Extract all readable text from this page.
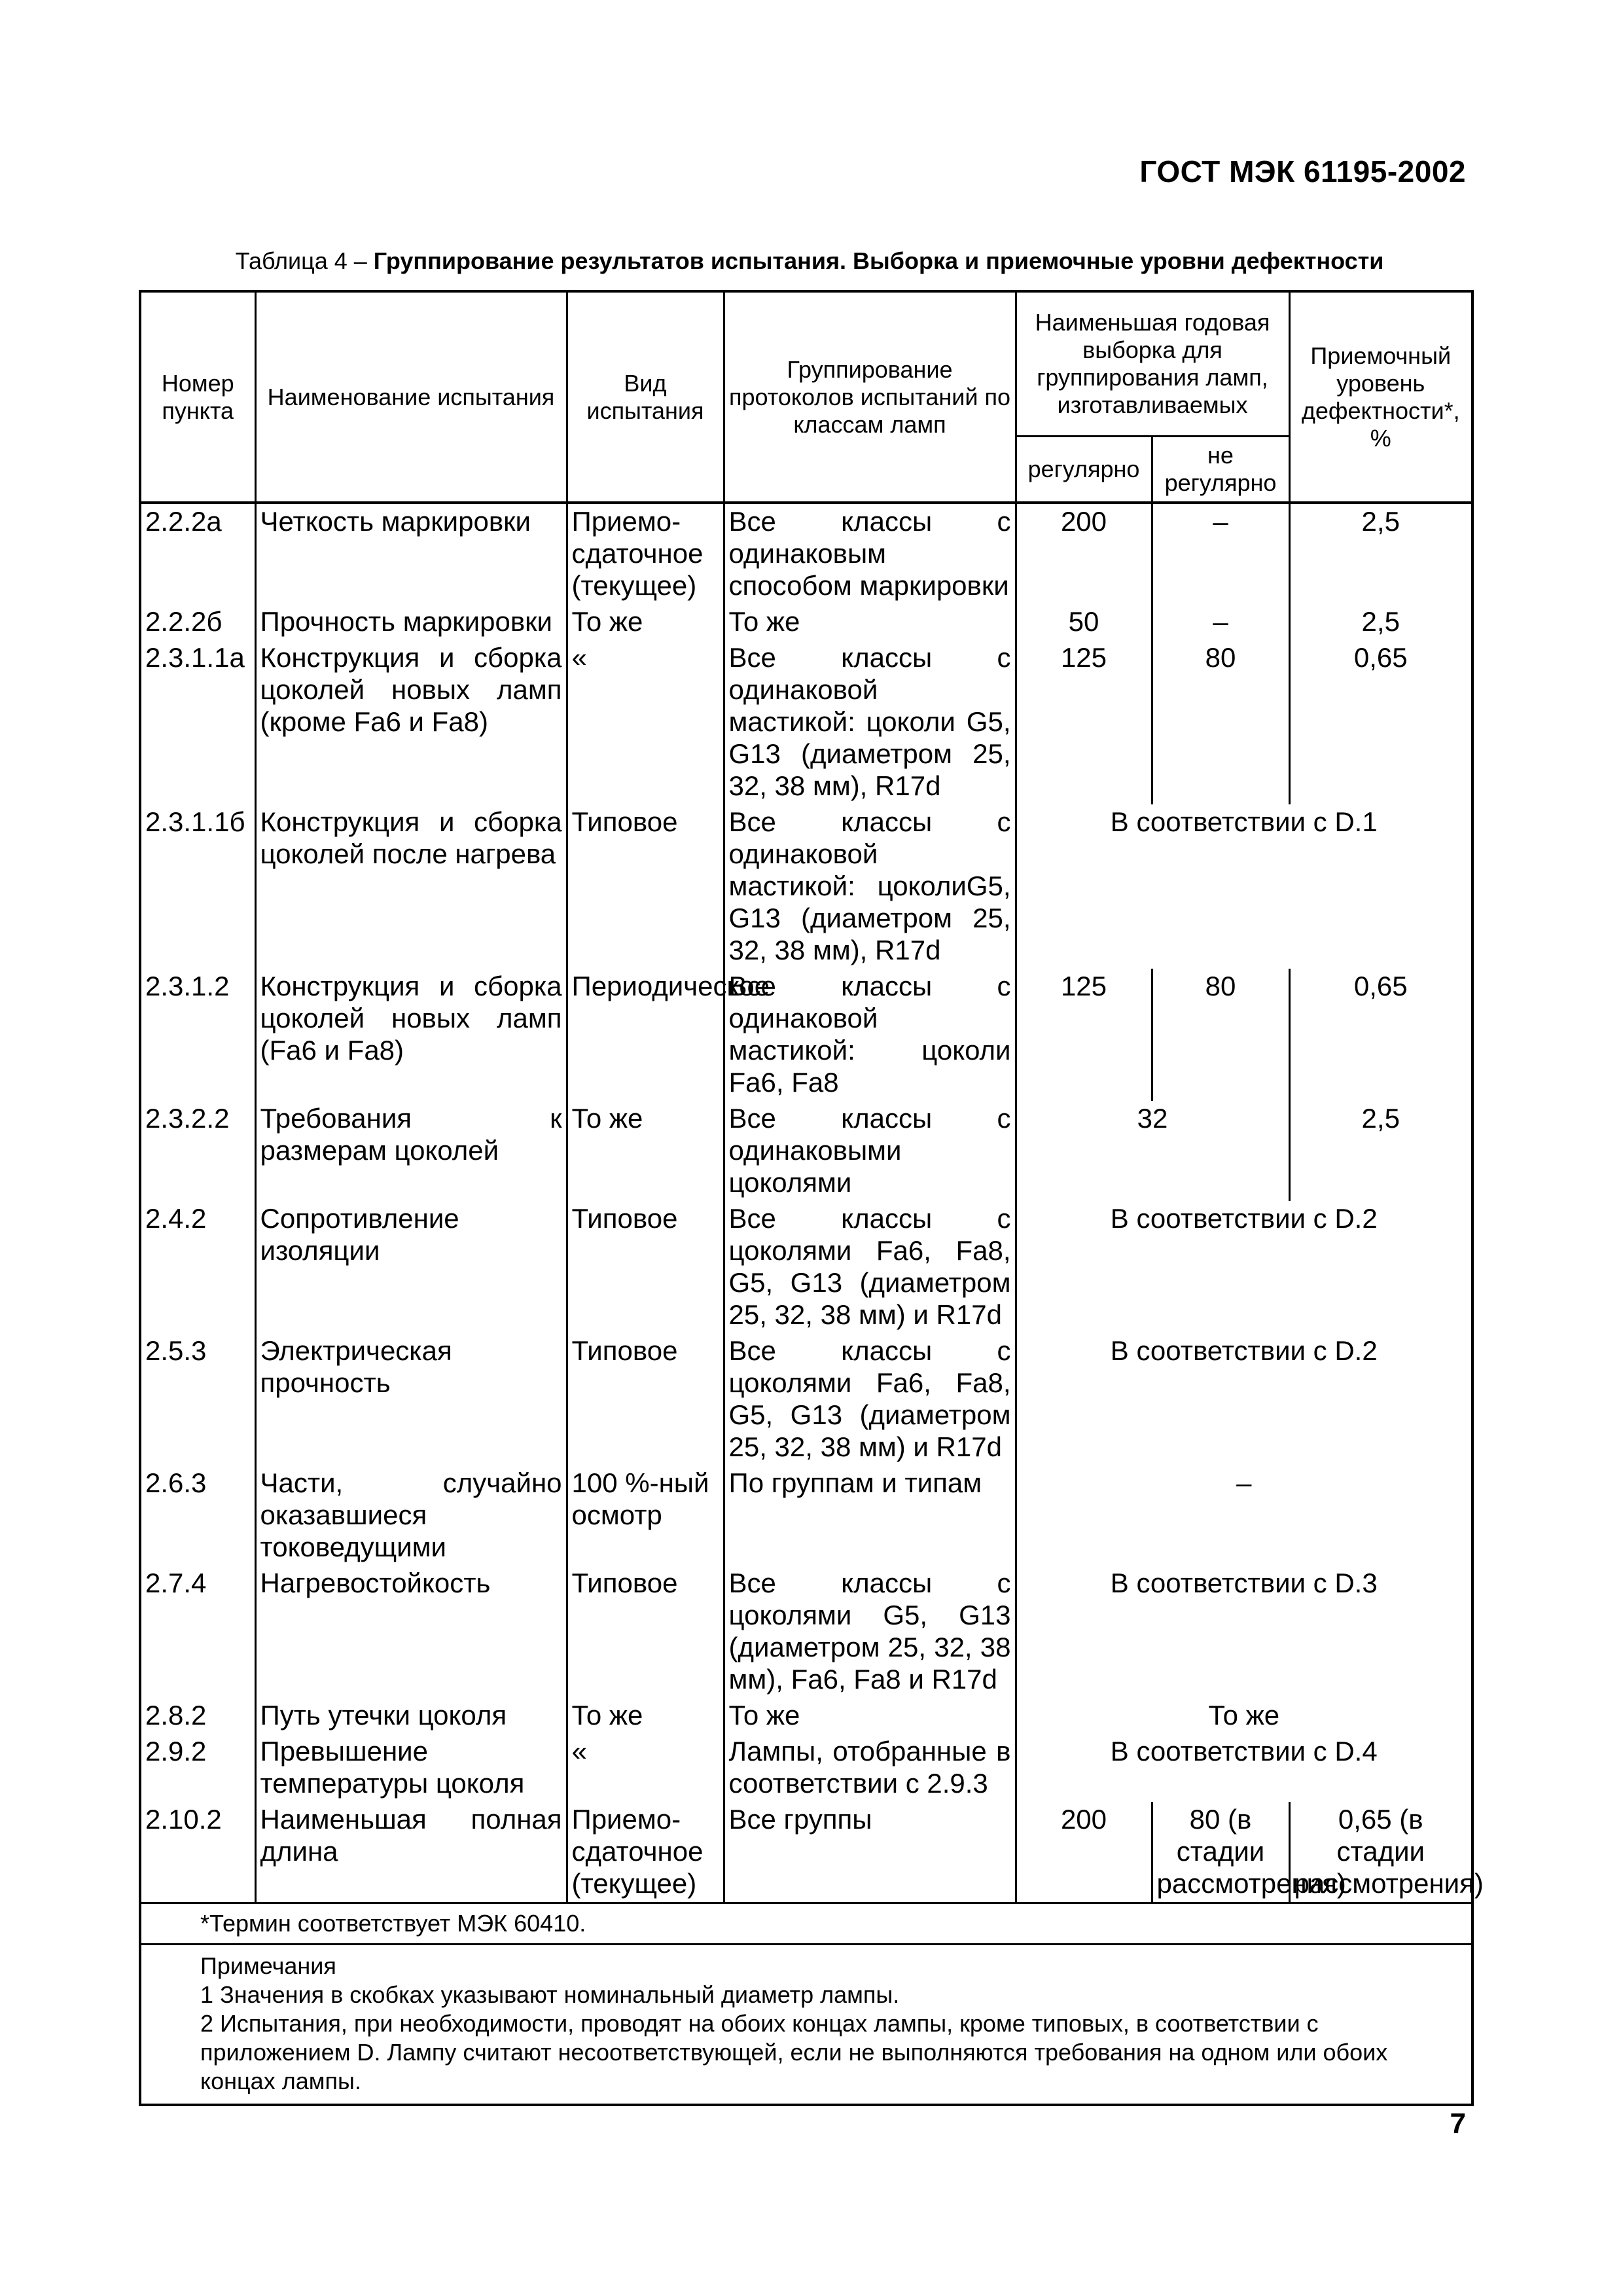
ГОСТ МЭК 61195-2002
Таблица 4 – Группирование результатов испытания. Выборка и приемочные уровни дефектности
Номер пункта	Наименование испытания	Вид испытания	Группирование протоколов испытаний по классам ламп	Наименьшая годовая выборка для группирования ламп, изготавливаемых		Приемочный уровень дефектности*, %
				регулярно	не регулярно	
2.2.2а	Четкость маркировки	Приемо-сдаточное (текущее)	Все классы с одинаковым способом маркировки	200	–	2,5
2.2.2б	Прочность маркировки	То же	То же	50	–	2,5
2.3.1.1а	Конструкция и сборка цоколей новых ламп (кроме Fa6 и Fa8)	«	Все классы с одинаковой мастикой: цоколи G5, G13 (диаметром 25, 32, 38 мм), R17d	125	80	0,65
2.3.1.1б	Конструкция и сборка цоколей после нагрева	Типовое	Все классы с одинаковой мастикой: цоколиG5, G13 (диаметром 25, 32, 38 мм), R17d	В соответствии с D.1		
2.3.1.2	Конструкция и сборка цоколей новых ламп (Fa6 и Fa8)	Периодическое	Все классы с одинаковой мастикой: цоколи Fa6, Fa8	125	80	0,65
2.3.2.2	Требования к размерам цоколей	То же	Все классы с одинаковыми цоколями	32		2,5
2.4.2	Сопротивление изоляции	Типовое	Все классы с цоколями Fa6, Fa8, G5, G13 (диаметром 25, 32, 38 мм) и R17d	В соответствии с D.2		
2.5.3	Электрическая прочность	Типовое	Все классы с цоколями Fa6, Fa8, G5, G13 (диаметром 25, 32, 38 мм) и R17d	В соответствии с D.2		
2.6.3	Части, случайно оказавшиеся токоведущими	100 %-ный осмотр	По группам и типам	–		
2.7.4	Нагревостойкость	Типовое	Все классы с цоколями G5, G13 (диаметром 25, 32, 38 мм), Fa6, Fa8 и R17d	В соответствии с D.3		
2.8.2	Путь утечки цоколя	То же	То же	То же		
2.9.2	Превышение температуры цоколя	«	Лампы, отобранные в соответствии с 2.9.3	В соответствии с D.4		
2.10.2	Наименьшая полная длина	Приемо-сдаточное (текущее)	Все группы	200	80 (в стадии рассмотрения)	0,65 (в стадии рассмотрения)
*Термин соответствует МЭК 60410.						

Примечания
1 Значения в скобках указывают номинальный диаметр лампы.
2 Испытания, при необходимости, проводят на обоих концах лампы, кроме типовых, в соответствии с приложением D. Лампу считают несоответствующей, если не выполняются требования на одном или обоих концах лампы.						
7
